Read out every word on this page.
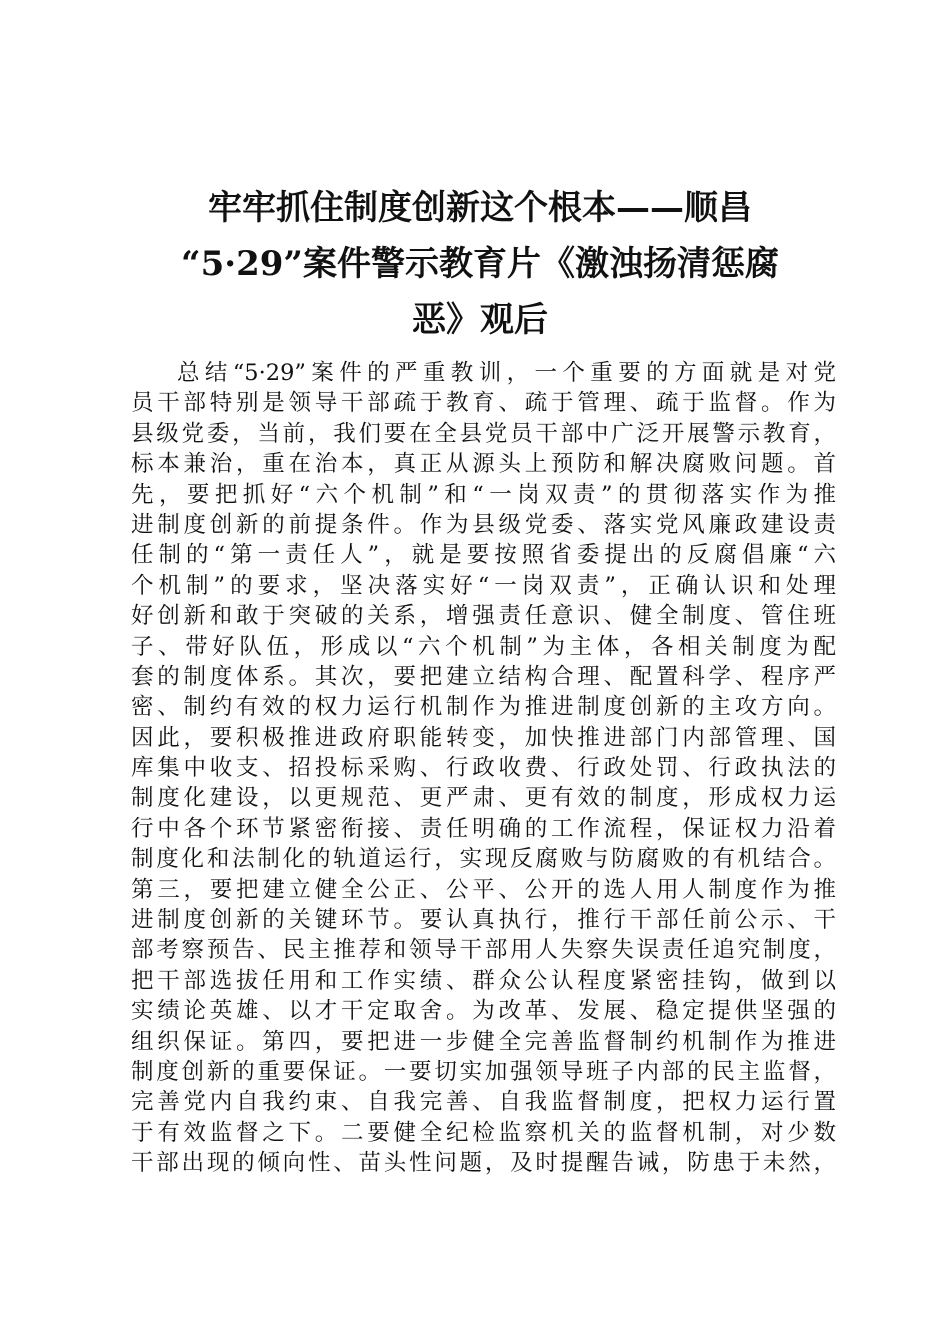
牢牢抓住制度创新这个根本——顺昌
“5·29”案件警示教育片《激浊扬清惩腐
恶》观后
总结“5·29”案件的严重教训，一个重要的方面就是对党
员干部特别是领导干部疏于教育、疏于管理、疏于监督。作为
县级党委，当前，我们要在全县党员干部中广泛开展警示教育，
标本兼治，重在治本，真正从源头上预防和解决腐败问题。首
先，要把抓好“六个机制”和“一岗双责”的贯彻落实作为推
进制度创新的前提条件。作为县级党委、落实党风廉政建设责
任制的“第一责任人”，就是要按照省委提出的反腐倡廉“六
个机制”的要求，坚决落实好“一岗双责”，正确认识和处理
好创新和敢于突破的关系，增强责任意识、健全制度、管住班
子、带好队伍，形成以“六个机制”为主体，各相关制度为配
套的制度体系。其次，要把建立结构合理、配置科学、程序严
密、制约有效的权力运行机制作为推进制度创新的主攻方向。
因此，要积极推进政府职能转变，加快推进部门内部管理、国
库集中收支、招投标采购、行政收费、行政处罚、行政执法的
制度化建设，以更规范、更严肃、更有效的制度，形成权力运
行中各个环节紧密衔接、责任明确的工作流程，保证权力沿着
制度化和法制化的轨道运行，实现反腐败与防腐败的有机结合。
第三，要把建立健全公正、公平、公开的选人用人制度作为推
进制度创新的关键环节。要认真执行，推行干部任前公示、干
部考察预告、民主推荐和领导干部用人失察失误责任追究制度，
把干部选拔任用和工作实绩、群众公认程度紧密挂钩，做到以
实绩论英雄、以才干定取舍。为改革、发展、稳定提供坚强的
组织保证。第四，要把进一步健全完善监督制约机制作为推进
制度创新的重要保证。一要切实加强领导班子内部的民主监督，
完善党内自我约束、自我完善、自我监督制度，把权力运行置
于有效监督之下。二要健全纪检监察机关的监督机制，对少数
干部出现的倾向性、苗头性问题，及时提醒告诫，防患于未然，
